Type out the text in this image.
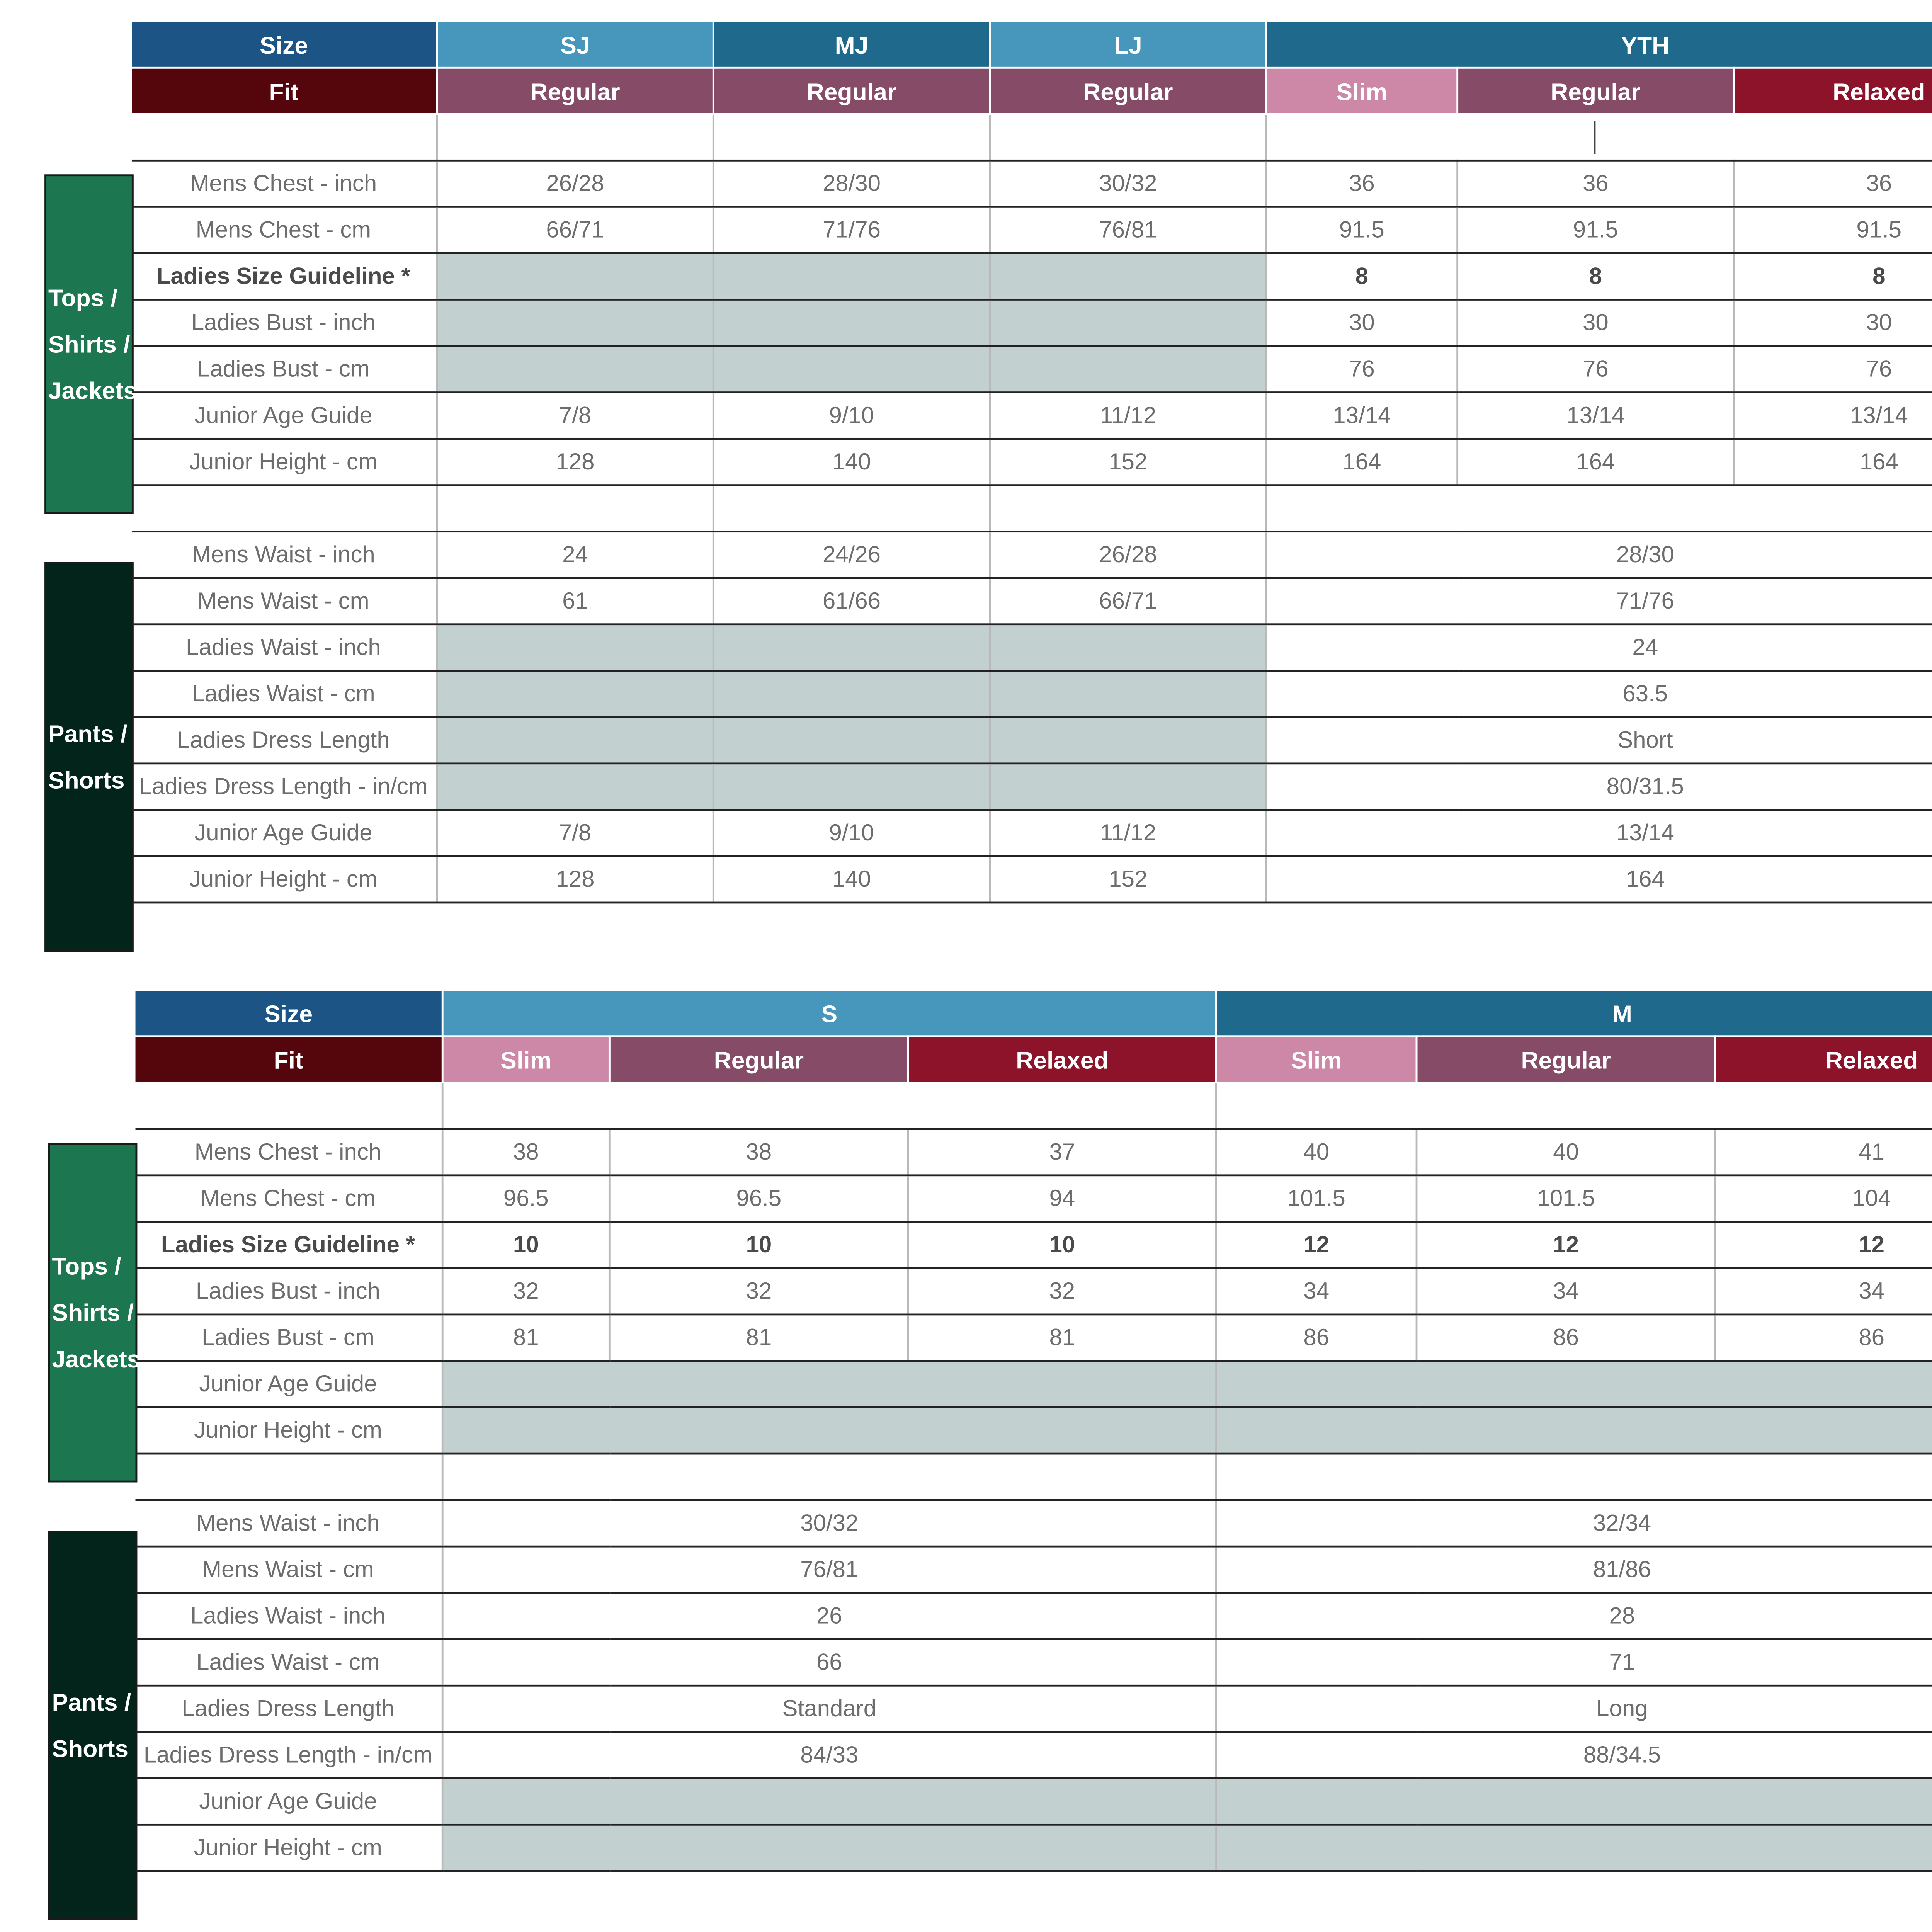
Tops /
Shirts /
Jackets
Pants /
Shorts
Size	SJ	MJ	LJ	YTH		
Fit	Regular	Regular	Regular	Slim	Regular	Relaxed

Mens Chest - inch	26/28	28/30	30/32	36	36	36
Mens Chest - cm	66/71	71/76	76/81	91.5	91.5	91.5
Ladies Size Guideline *				8	8	8
Ladies Bust - inch				30	30	30
Ladies Bust - cm				76	76	76
Junior Age Guide	7/8	9/10	11/12	13/14	13/14	13/14
Junior Height - cm	128	140	152	164	164	164

Mens Waist - inch	24	24/26	26/28	28/30		
Mens Waist - cm	61	61/66	66/71	71/76		
Ladies Waist - inch				24		
Ladies Waist - cm				63.5		
Ladies Dress Length				Short		
Ladies Dress Length - in/cm				80/31.5		
Junior Age Guide	7/8	9/10	11/12	13/14		
Junior Height - cm	128	140	152	164		
Tops /
Shirts /
Jackets
Pants /
Shorts
Size	S			M		
Fit	Slim	Regular	Relaxed	Slim	Regular	Relaxed

Mens Chest - inch	38	38	37	40	40	41
Mens Chest - cm	96.5	96.5	94	101.5	101.5	104
Ladies Size Guideline *	10	10	10	12	12	12
Ladies Bust - inch	32	32	32	34	34	34
Ladies Bust - cm	81	81	81	86	86	86
Junior Age Guide						
Junior Height - cm						

Mens Waist - inch	30/32			32/34		
Mens Waist - cm	76/81			81/86		
Ladies Waist - inch	26			28		
Ladies Waist - cm	66			71		
Ladies Dress Length	Standard			Long		
Ladies Dress Length - in/cm	84/33			88/34.5		
Junior Age Guide						
Junior Height - cm						
